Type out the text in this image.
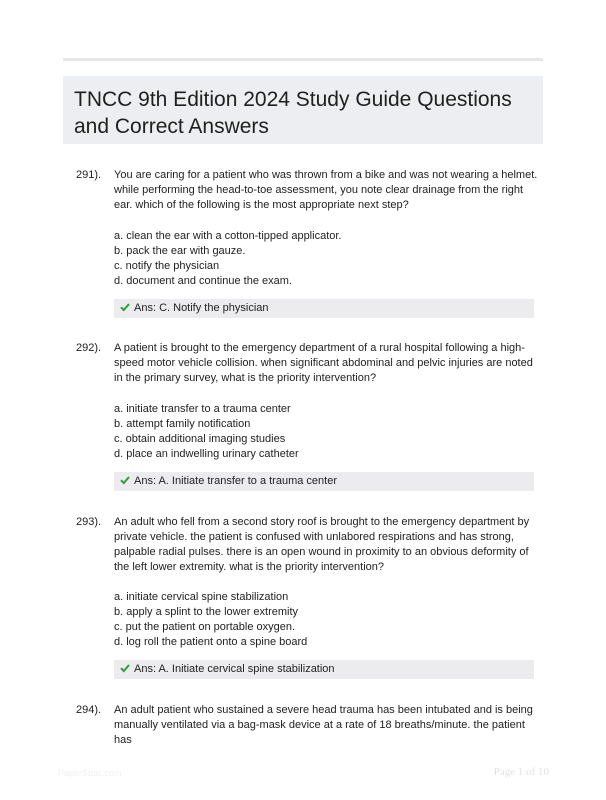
TNCC 9th Edition 2024 Study Guide Questions and Correct Answers
291). You are caring for a patient who was thrown from a bike and was not wearing a helmet. while performing the head-to-toe assessment, you note clear drainage from the right ear. which of the following is the most appropriate next step?
a. clean the ear with a cotton-tipped applicator.
b. pack the ear with gauze.
c. notify the physician
d. document and continue the exam.
Ans: C. Notify the physician
292). A patient is brought to the emergency department of a rural hospital following a high-speed motor vehicle collision. when significant abdominal and pelvic injuries are noted in the primary survey, what is the priority intervention?
a. initiate transfer to a trauma center
b. attempt family notification
c. obtain additional imaging studies
d. place an indwelling urinary catheter
Ans: A. Initiate transfer to a trauma center
293). An adult who fell from a second story roof is brought to the emergency department by private vehicle. the patient is confused with unlabored respirations and has strong, palpable radial pulses. there is an open wound in proximity to an obvious deformity of the left lower extremity. what is the priority intervention?
a. initiate cervical spine stabilization
b. apply a splint to the lower extremity
c. put the patient on portable oxygen.
d. log roll the patient onto a spine board
Ans: A. Initiate cervical spine stabilization
294). An adult patient who sustained a severe head trauma has been intubated and is being manually ventilated via a bag-mask device at a rate of 18 breaths/minute. the patient has
PaperStoic.com	Page 1 of 10
